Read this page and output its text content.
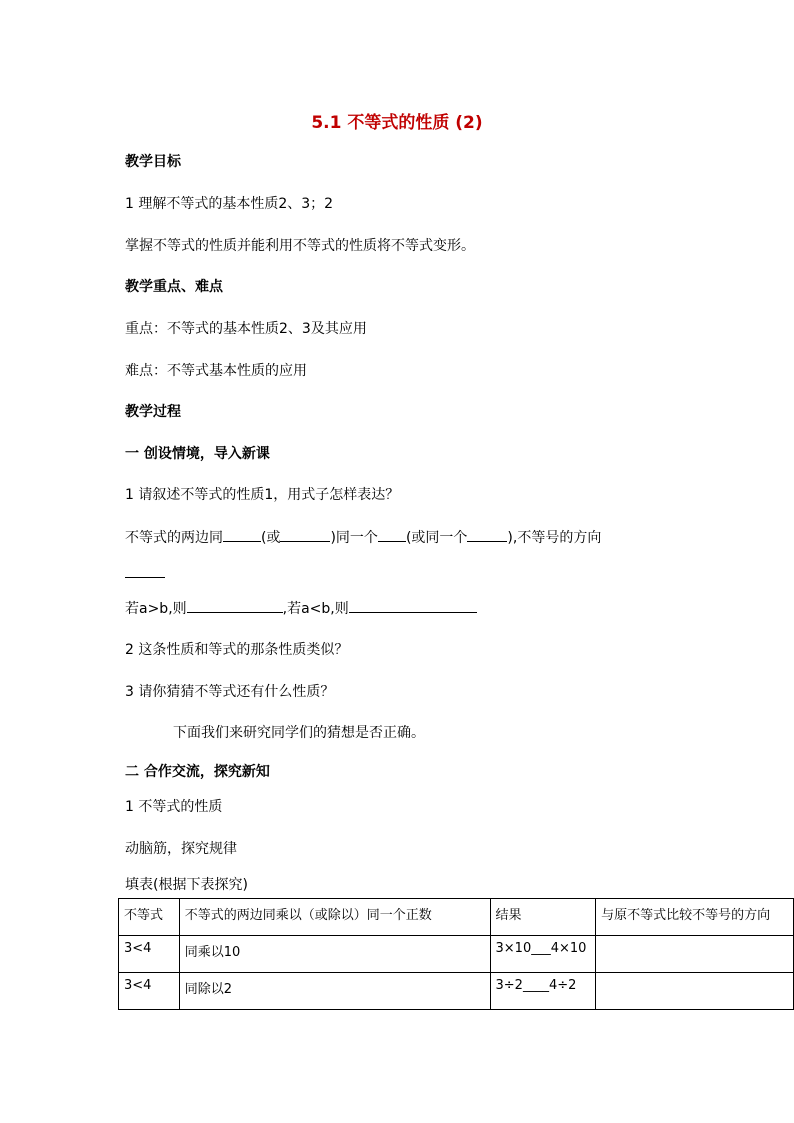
5.1 不等式的性质 (2)
教学目标
1 理解不等式的基本性质2、3；2
掌握不等式的性质并能利用不等式的性质将不等式变形。
教学重点、难点
重点：不等式的基本性质2、3及其应用
难点：不等式基本性质的应用
教学过程
一 创设情境，导入新课
1 请叙述不等式的性质1，用式子怎样表达？
不等式的两边同	(或	)同一个 (或同一个	),不等号的方向
若a>b,则	,若a<b,则
2 这条性质和等式的那条性质类似？
3 请你猜猜不等式还有什么性质？
下面我们来研究同学们的猜想是否正确。
二 合作交流，探究新知
1 不等式的性质
动脑筋，探究规律
填表(根据下表探究)
不等式	不等式的两边同乘以（或除以）同一个正数	结果	与原不等式比较不等号的方向
3<4	同乘以10	3×10___4×10	
3<4	同除以2	3÷2____4÷2	
